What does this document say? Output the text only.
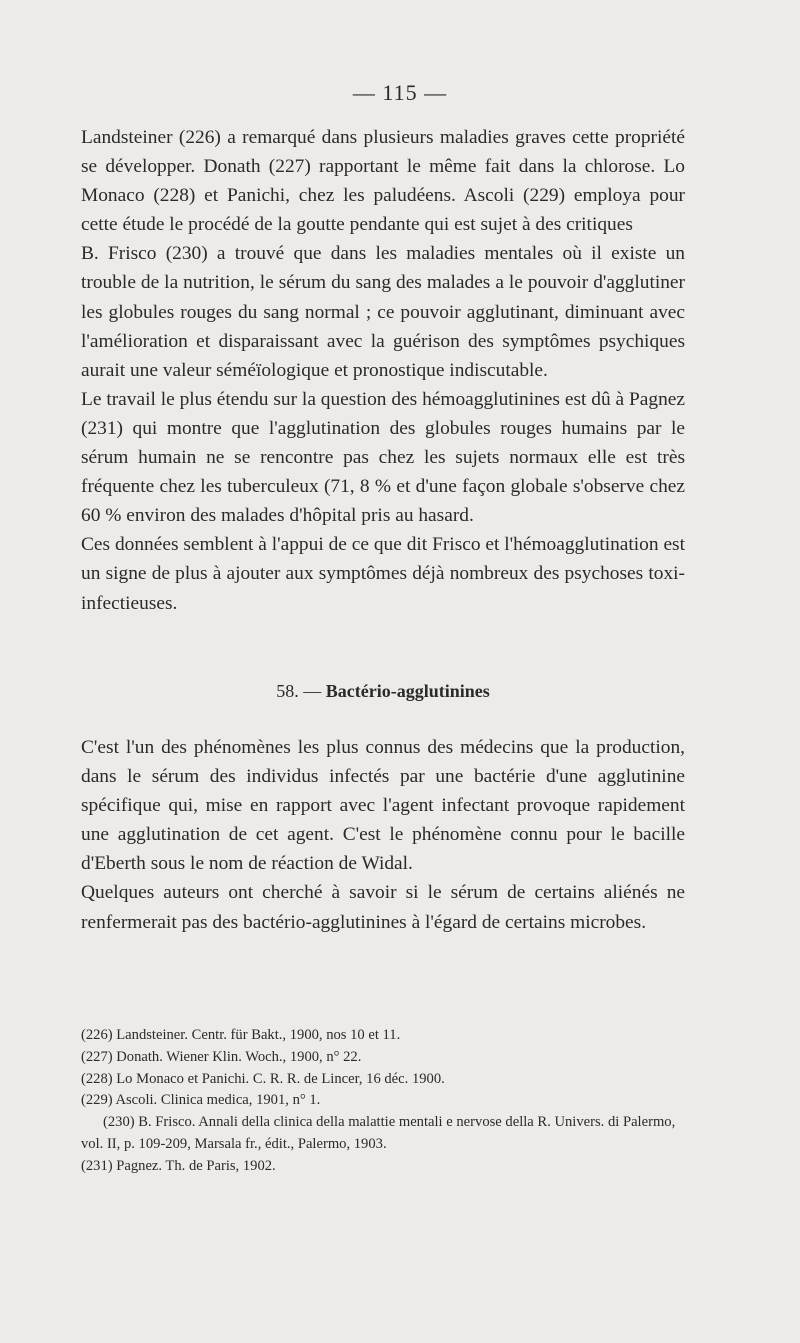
— 115 —

Landsteiner (226) a remarqué dans plusieurs maladies graves cette propriété se développer. Donath (227) rapportant le même fait dans la chlorose. Lo Monaco (228) et Panichi, chez les paludéens. Ascoli (229) employa pour cette étude le procédé de la goutte pendante qui est sujet à des critiques

B. Frisco (230) a trouvé que dans les maladies mentales où il existe un trouble de la nutrition, le sérum du sang des malades a le pouvoir d'agglutiner les globules rouges du sang normal ; ce pouvoir agglutinant, diminuant avec l'amélioration et disparaissant avec la guérison des symptômes psychiques aurait une valeur séméïologique et pronostique indiscutable.

Le travail le plus étendu sur la question des hémoagglutinines est dû à Pagnez (231) qui montre que l'agglutination des globules rouges humains par le sérum humain ne se rencontre pas chez les sujets normaux elle est très fréquente chez les tuberculeux (71, 8 % et d'une façon globale s'observe chez 60 % environ des malades d'hôpital pris au hasard.

Ces données semblent à l'appui de ce que dit Frisco et l'hémoagglutination est un signe de plus à ajouter aux symptômes déjà nombreux des psychoses toxi-infectieuses.

58. — Bactério-agglutinines

C'est l'un des phénomènes les plus connus des médecins que la production, dans le sérum des individus infectés par une bactérie d'une agglutinine spécifique qui, mise en rapport avec l'agent infectant provoque rapidement une agglutination de cet agent. C'est le phénomène connu pour le bacille d'Eberth sous le nom de réaction de Widal.

Quelques auteurs ont cherché à savoir si le sérum de certains aliénés ne renfermerait pas des bactério-agglutinines à l'égard de certains microbes.

(226) Landsteiner. Centr. für Bakt., 1900, nos 10 et 11.

(227) Donath. Wiener Klin. Woch., 1900, n° 22.

(228) Lo Monaco et Panichi. C. R. R. de Lincer, 16 déc. 1900.

(229) Ascoli. Clinica medica, 1901, n° 1.

(230) B. Frisco. Annali della clinica della malattie mentali e nervose della R. Univers. di Palermo, vol. II, p. 109-209, Marsala fr., édit., Palermo, 1903.

(231) Pagnez. Th. de Paris, 1902.
